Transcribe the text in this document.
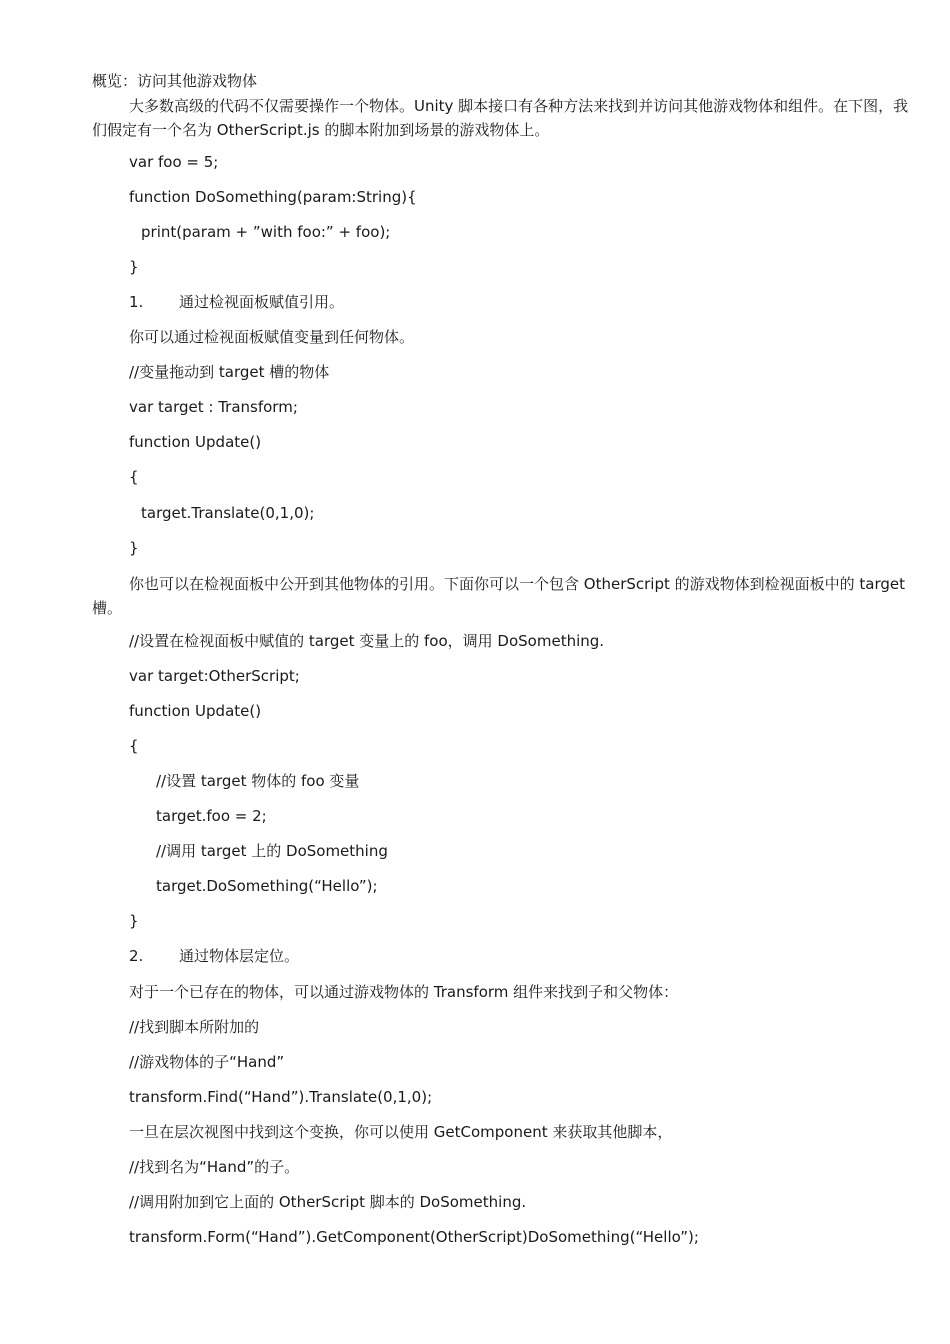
概览：访问其他游戏物体
大多数高级的代码不仅需要操作一个物体。Unity 脚本接口有各种方法来找到并访问其他游戏物体和组件。在下图，我们假定有一个名为 OtherScript.js 的脚本附加到场景的游戏物体上。
var foo = 5;
function DoSomething(param:String){
print(param + ”with foo:” + foo);
}
1. 通过检视面板赋值引用。
你可以通过检视面板赋值变量到任何物体。
//变量拖动到 target 槽的物体
var target : Transform;
function Update()
{
target.Translate(0,1,0);
}
你也可以在检视面板中公开到其他物体的引用。下面你可以一个包含 OtherScript 的游戏物体到检视面板中的 target 槽。
//设置在检视面板中赋值的 target 变量上的 foo，调用 DoSomething.
var target:OtherScript;
function Update()
{
//设置 target 物体的 foo 变量
target.foo = 2;
//调用 target 上的 DoSomething
target.DoSomething(“Hello”);
}
2. 通过物体层定位。
对于一个已存在的物体，可以通过游戏物体的 Transform 组件来找到子和父物体：
//找到脚本所附加的
//游戏物体的子“Hand”
transform.Find(“Hand”).Translate(0,1,0);
一旦在层次视图中找到这个变换，你可以使用 GetComponent 来获取其他脚本，
//找到名为“Hand”的子。
//调用附加到它上面的 OtherScript 脚本的 DoSomething.
transform.Form(“Hand”).GetComponent(OtherScript)DoSomething(“Hello”);
